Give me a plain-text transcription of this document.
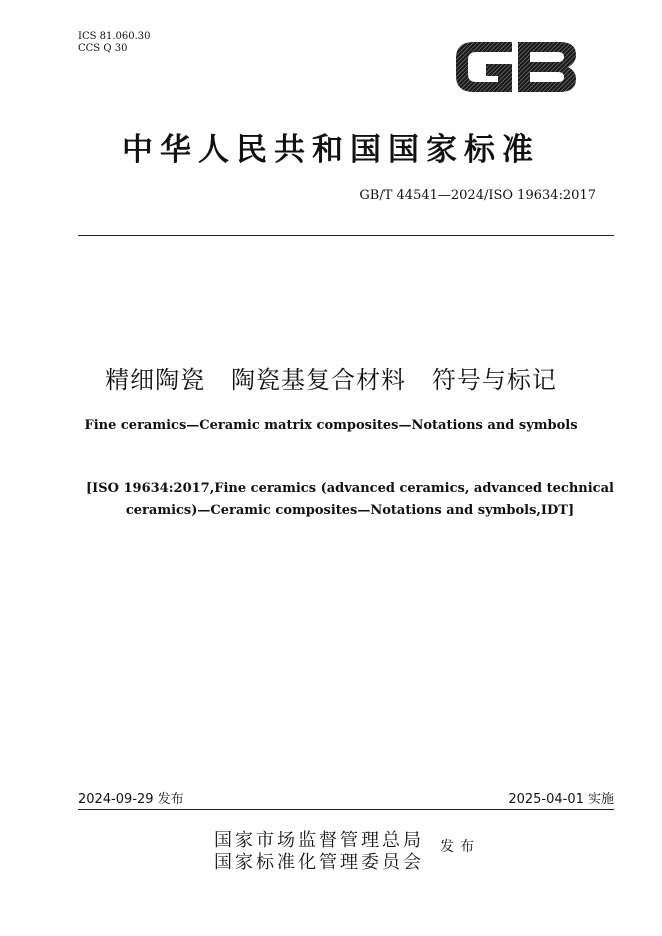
ICS 81.060.30
CCS Q 30
中华人民共和国国家标准
GB/T 44541—2024/ISO 19634:2017
精细陶瓷   陶瓷基复合材料   符号与标记
Fine ceramics—Ceramic matrix composites—Notations and symbols
[ISO 19634:2017,Fine ceramics (advanced ceramics, advanced technical
ceramics)—Ceramic composites—Notations and symbols,IDT]
2024-09-29 发布	2025-04-01 实施
国家市场监督管理总局
国家标准化管理委员会
发布
